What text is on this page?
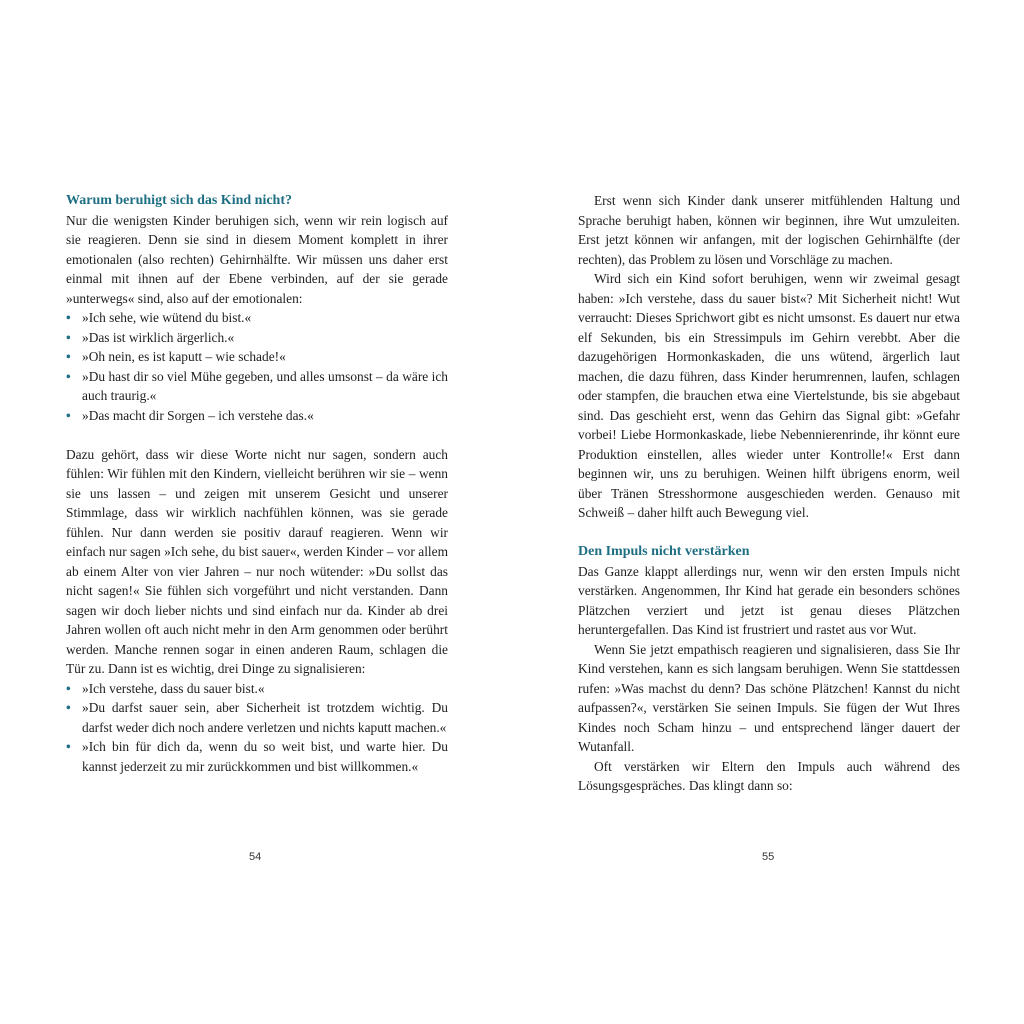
Warum beruhigt sich das Kind nicht?

Nur die wenigsten Kinder beruhigen sich, wenn wir rein logisch auf sie reagieren. Denn sie sind in diesem Moment komplett in ihrer emotionalen (also rechten) Gehirnhälfte. Wir müssen uns daher erst einmal mit ihnen auf der Ebene verbinden, auf der sie gerade »unterwegs« sind, also auf der emotionalen:

• »Ich sehe, wie wütend du bist.«
• »Das ist wirklich ärgerlich.«
• »Oh nein, es ist kaputt – wie schade!«
• »Du hast dir so viel Mühe gegeben, und alles umsonst – da wäre ich auch traurig.«
• »Das macht dir Sorgen – ich verstehe das.«

Dazu gehört, dass wir diese Worte nicht nur sagen, sondern auch fühlen: Wir fühlen mit den Kindern, vielleicht berühren wir sie – wenn sie uns lassen – und zeigen mit unserem Gesicht und unserer Stimmlage, dass wir wirklich nachfühlen können, was sie gerade fühlen. Nur dann werden sie positiv darauf reagieren. Wenn wir einfach nur sagen »Ich sehe, du bist sauer«, werden Kinder – vor allem ab einem Alter von vier Jahren – nur noch wütender: »Du sollst das nicht sagen!« Sie fühlen sich vorgeführt und nicht verstanden. Dann sagen wir doch lieber nichts und sind einfach nur da. Kinder ab drei Jahren wollen oft auch nicht mehr in den Arm genommen oder berührt werden. Manche rennen sogar in einen anderen Raum, schlagen die Tür zu. Dann ist es wichtig, drei Dinge zu signalisieren:

• »Ich verstehe, dass du sauer bist.«
• »Du darfst sauer sein, aber Sicherheit ist trotzdem wichtig. Du darfst weder dich noch andere verletzen und nichts kaputt machen.«
• »Ich bin für dich da, wenn du so weit bist, und warte hier. Du kannst jederzeit zu mir zurückkommen und bist willkommen.«
54

Erst wenn sich Kinder dank unserer mitfühlenden Haltung und Sprache beruhigt haben, können wir beginnen, ihre Wut umzuleiten. Erst jetzt können wir anfangen, mit der logischen Gehirnhälfte (der rechten), das Problem zu lösen und Vorschläge zu machen.

Wird sich ein Kind sofort beruhigen, wenn wir zweimal gesagt haben: »Ich verstehe, dass du sauer bist«? Mit Sicherheit nicht! Wut verraucht: Dieses Sprichwort gibt es nicht umsonst. Es dauert nur etwa elf Sekunden, bis ein Stressimpuls im Gehirn verebbt. Aber die dazugehörigen Hormonkaskaden, die uns wütend, ärgerlich laut machen, die dazu führen, dass Kinder herumrennen, laufen, schlagen oder stampfen, die brauchen etwa eine Viertelstunde, bis sie abgebaut sind. Das geschieht erst, wenn das Gehirn das Signal gibt: »Gefahr vorbei! Liebe Hormonkaskade, liebe Nebennierenrinde, ihr könnt eure Produktion einstellen, alles wieder unter Kontrolle!« Erst dann beginnen wir, uns zu beruhigen. Weinen hilft übrigens enorm, weil über Tränen Stresshormone ausgeschieden werden. Genauso mit Schweiß – daher hilft auch Bewegung viel.

Den Impuls nicht verstärken

Das Ganze klappt allerdings nur, wenn wir den ersten Impuls nicht verstärken. Angenommen, Ihr Kind hat gerade ein besonders schönes Plätzchen verziert und jetzt ist genau dieses Plätzchen heruntergefallen. Das Kind ist frustriert und rastet aus vor Wut.

Wenn Sie jetzt empathisch reagieren und signalisieren, dass Sie Ihr Kind verstehen, kann es sich langsam beruhigen. Wenn Sie stattdessen rufen: »Was machst du denn? Das schöne Plätzchen! Kannst du nicht aufpassen?«, verstärken Sie seinen Impuls. Sie fügen der Wut Ihres Kindes noch Scham hinzu – und entsprechend länger dauert der Wutanfall.

Oft verstärken wir Eltern den Impuls auch während des Lösungsgespräches. Das klingt dann so:

55
